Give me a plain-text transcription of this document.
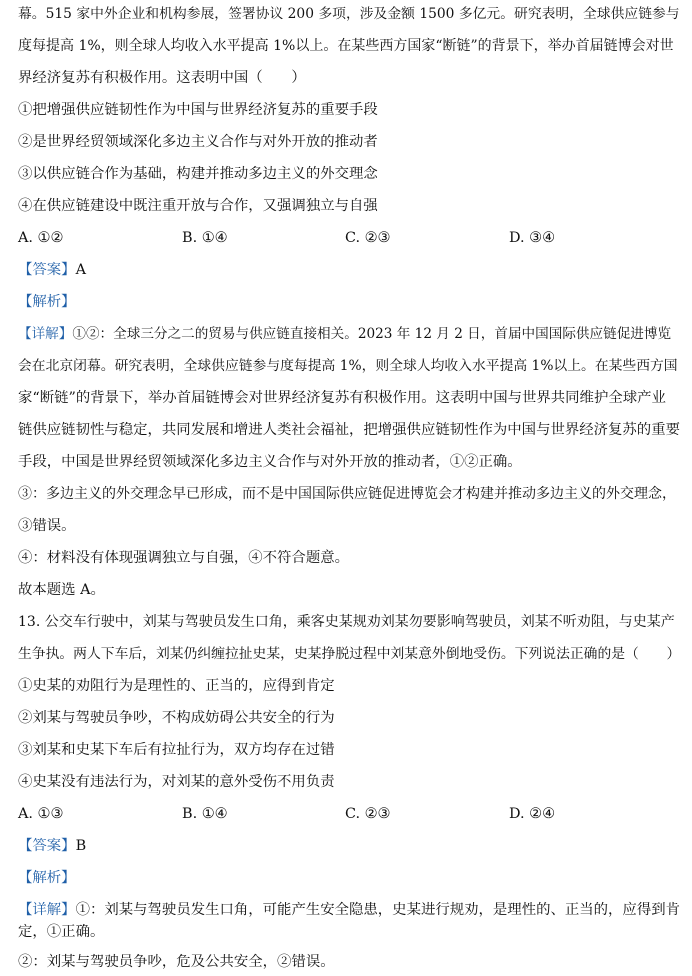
幕。515 家中外企业和机构参展，签署协议 200 多项，涉及金额 1500 多亿元。研究表明，全球供应链参与
度每提高 1%，则全球人均收入水平提高 1%以上。在某些西方国家“断链”的背景下，举办首届链博会对世
界经济复苏有积极作用。这表明中国（　　）
①把增强供应链韧性作为中国与世界经济复苏的重要手段
②是世界经贸领域深化多边主义合作与对外开放的推动者
③以供应链合作为基础，构建并推动多边主义的外交理念
④在供应链建设中既注重开放与合作，又强调独立与自强
A. ①②	B. ①④	C. ②③	D. ③④
【答案】A
【解析】
【详解】①②：全球三分之二的贸易与供应链直接相关。2023 年 12 月 2 日，首届中国国际供应链促进博览
会在北京闭幕。研究表明，全球供应链参与度每提高 1%，则全球人均收入水平提高 1%以上。在某些西方国
家“断链”的背景下，举办首届链博会对世界经济复苏有积极作用。这表明中国与世界共同维护全球产业
链供应链韧性与稳定，共同发展和增进人类社会福祉，把增强供应链韧性作为中国与世界经济复苏的重要
手段，中国是世界经贸领域深化多边主义合作与对外开放的推动者，①②正确。
③：多边主义的外交理念早已形成，而不是中国国际供应链促进博览会才构建并推动多边主义的外交理念，
③错误。
④：材料没有体现强调独立与自强，④不符合题意。
故本题选 A。
13. 公交车行驶中，刘某与驾驶员发生口角，乘客史某规劝刘某勿要影响驾驶员，刘某不听劝阻，与史某产
生争执。两人下车后，刘某仍纠缠拉扯史某，史某挣脱过程中刘某意外倒地受伤。下列说法正确的是（　　）
①史某的劝阻行为是理性的、正当的，应得到肯定
②刘某与驾驶员争吵，不构成妨碍公共安全的行为
③刘某和史某下车后有拉扯行为，双方均存在过错
④史某没有违法行为，对刘某的意外受伤不用负责
A. ①③	B. ①④	C. ②③	D. ②④
【答案】B
【解析】
【详解】①：刘某与驾驶员发生口角，可能产生安全隐患，史某进行规劝，是理性的、正当的，应得到肯
定，①正确。
②：刘某与驾驶员争吵，危及公共安全，②错误。
